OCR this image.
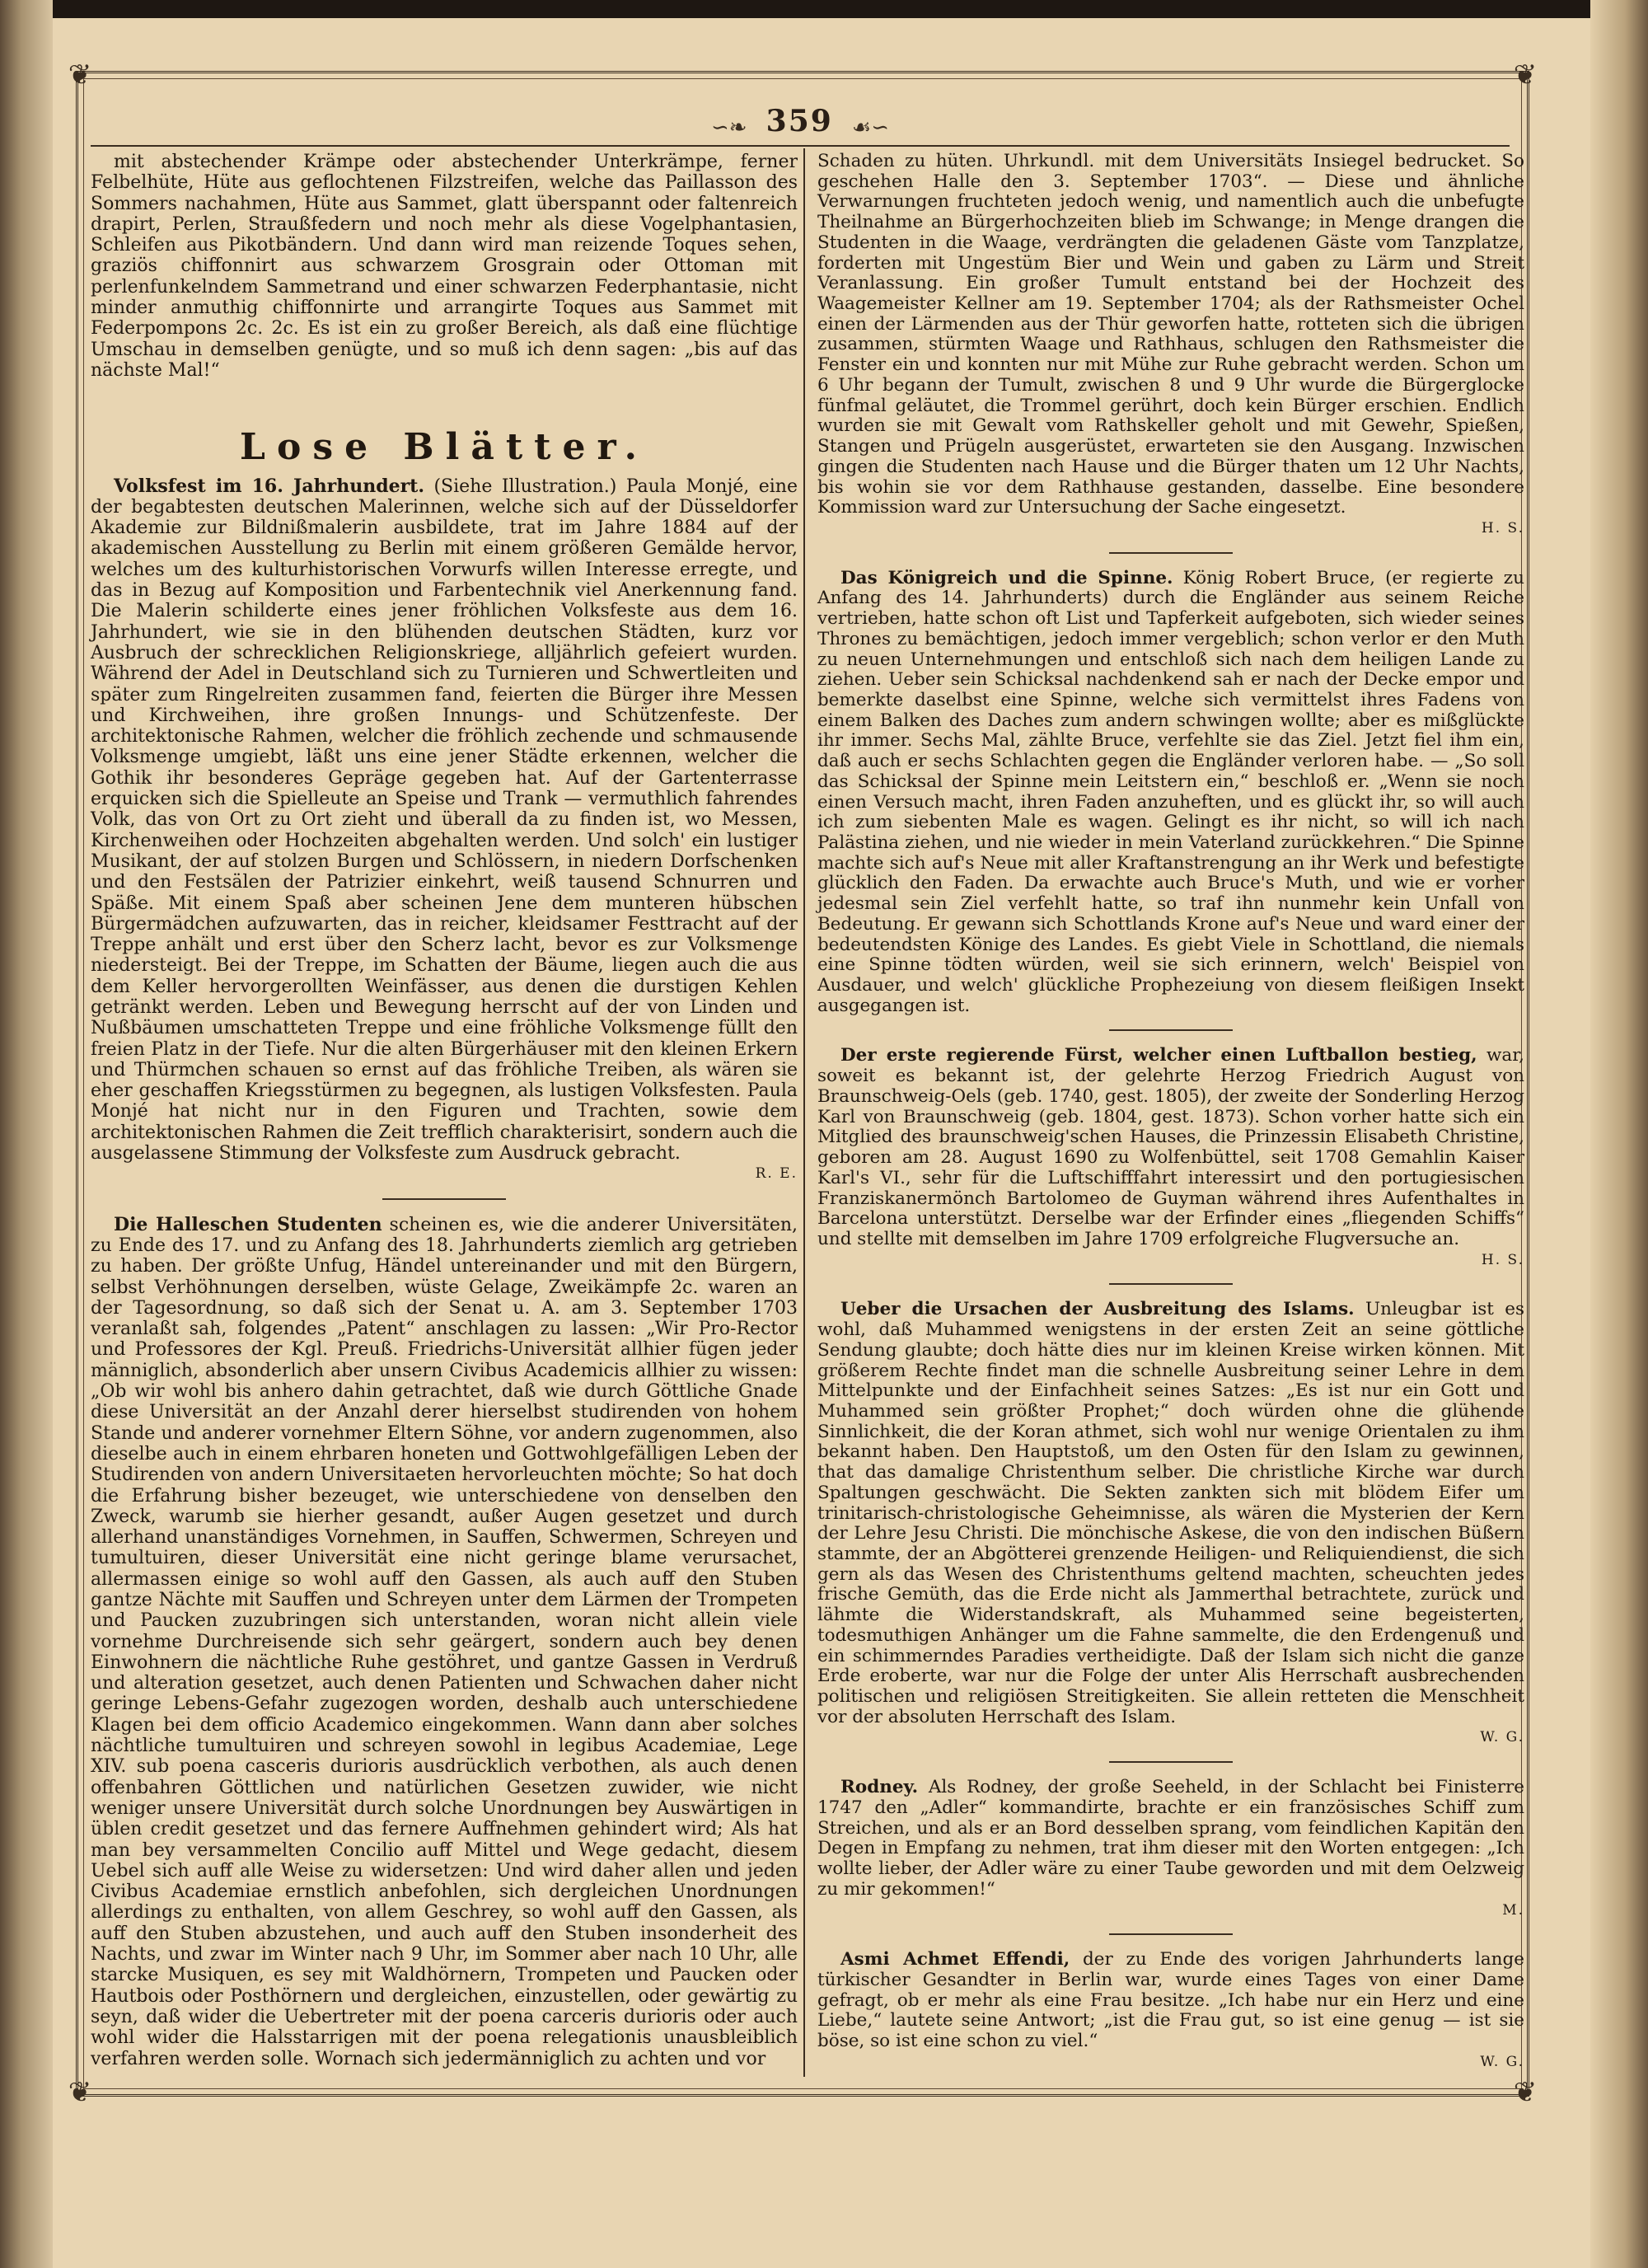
❦	❦
❦	❦
∽❧ 359 ☙∽

mit abstechender Krämpe oder abstechender Unterkrämpe, ferner Felbelhüte, Hüte aus geflochtenen Filzstreifen, welche das Paillasson des Sommers nachahmen, Hüte aus Sammet, glatt überspannt oder faltenreich drapirt, Perlen, Straußfedern und noch mehr als diese Vogelphantasien, Schleifen aus Pikotbändern. Und dann wird man reizende Toques sehen, graziös chiffonnirt aus schwarzem Grosgrain oder Ottoman mit perlenfunkelndem Sammetrand und einer schwarzen Federphantasie, nicht minder anmuthig chiffonnirte und arrangirte Toques aus Sammet mit Federpompons 2c. 2c. Es ist ein zu großer Bereich, als daß eine flüchtige Umschau in demselben genügte, und so muß ich denn sagen: „bis auf das nächste Mal!“

Lose Blätter.

Volksfest im 16. Jahrhundert. (Siehe Illustration.) Paula Monjé, eine der begabtesten deutschen Malerinnen, welche sich auf der Düsseldorfer Akademie zur Bildnißmalerin ausbildete, trat im Jahre 1884 auf der akademischen Ausstellung zu Berlin mit einem größeren Gemälde hervor, welches um des kulturhistorischen Vorwurfs willen Interesse erregte, und das in Bezug auf Komposition und Farbentechnik viel Anerkennung fand. Die Malerin schilderte eines jener fröhlichen Volksfeste aus dem 16. Jahrhundert, wie sie in den blühenden deutschen Städten, kurz vor Ausbruch der schrecklichen Religionskriege, alljährlich gefeiert wurden. Während der Adel in Deutschland sich zu Turnieren und Schwertleiten und später zum Ringelreiten zusammen fand, feierten die Bürger ihre Messen und Kirchweihen, ihre großen Innungs- und Schützenfeste. Der architektonische Rahmen, welcher die fröhlich zechende und schmausende Volksmenge umgiebt, läßt uns eine jener Städte erkennen, welcher die Gothik ihr besonderes Gepräge gegeben hat. Auf der Gartenterrasse erquicken sich die Spielleute an Speise und Trank — vermuthlich fahrendes Volk, das von Ort zu Ort zieht und überall da zu finden ist, wo Messen, Kirchenweihen oder Hochzeiten abgehalten werden. Und solch' ein lustiger Musikant, der auf stolzen Burgen und Schlössern, in niedern Dorfschenken und den Festsälen der Patrizier einkehrt, weiß tausend Schnurren und Späße. Mit einem Spaß aber scheinen Jene dem munteren hübschen Bürgermädchen aufzuwarten, das in reicher, kleidsamer Festtracht auf der Treppe anhält und erst über den Scherz lacht, bevor es zur Volksmenge niedersteigt. Bei der Treppe, im Schatten der Bäume, liegen auch die aus dem Keller hervorgerollten Weinfässer, aus denen die durstigen Kehlen getränkt werden. Leben und Bewegung herrscht auf der von Linden und Nußbäumen umschatteten Treppe und eine fröhliche Volksmenge füllt den freien Platz in der Tiefe. Nur die alten Bürgerhäuser mit den kleinen Erkern und Thürmchen schauen so ernst auf das fröhliche Treiben, als wären sie eher geschaffen Kriegsstürmen zu begegnen, als lustigen Volksfesten. Paula Monjé hat nicht nur in den Figuren und Trachten, sowie dem architektonischen Rahmen die Zeit trefflich charakterisirt, sondern auch die ausgelassene Stimmung der Volksfeste zum Ausdruck gebracht.

R. E.

Die Halleschen Studenten scheinen es, wie die anderer Universitäten, zu Ende des 17. und zu Anfang des 18. Jahrhunderts ziemlich arg getrieben zu haben. Der größte Unfug, Händel untereinander und mit den Bürgern, selbst Verhöhnungen derselben, wüste Gelage, Zweikämpfe 2c. waren an der Tagesordnung, so daß sich der Senat u. A. am 3. September 1703 veranlaßt sah, folgendes „Patent“ anschlagen zu lassen: „Wir Pro-Rector und Professores der Kgl. Preuß. Friedrichs-Universität allhier fügen jeder männiglich, absonderlich aber unsern Civibus Academicis allhier zu wissen: „Ob wir wohl bis anhero dahin getrachtet, daß wie durch Göttliche Gnade diese Universität an der Anzahl derer hierselbst studirenden von hohem Stande und anderer vornehmer Eltern Söhne, vor andern zugenommen, also dieselbe auch in einem ehrbaren honeten und Gottwohlgefälligen Leben der Studirenden von andern Universitaeten hervorleuchten möchte; So hat doch die Erfahrung bisher bezeuget, wie unterschiedene von denselben den Zweck, warumb sie hierher gesandt, außer Augen gesetzet und durch allerhand unanständiges Vornehmen, in Sauffen, Schwermen, Schreyen und tumultuiren, dieser Universität eine nicht geringe blame verursachet, allermassen einige so wohl auff den Gassen, als auch auff den Stuben gantze Nächte mit Sauffen und Schreyen unter dem Lärmen der Trompeten und Paucken zuzubringen sich unterstanden, woran nicht allein viele vornehme Durchreisende sich sehr geärgert, sondern auch bey denen Einwohnern die nächtliche Ruhe gestöhret, und gantze Gassen in Verdruß und alteration gesetzet, auch denen Patienten und Schwachen daher nicht geringe Lebens-Gefahr zugezogen worden, deshalb auch unterschiedene Klagen bei dem officio Academico eingekommen. Wann dann aber solches nächtliche tumultuiren und schreyen sowohl in legibus Academiae, Lege XIV. sub poena casceris durioris ausdrücklich verbothen, als auch denen offenbahren Göttlichen und natürlichen Gesetzen zuwider, wie nicht weniger unsere Universität durch solche Unordnungen bey Auswärtigen in üblen credit gesetzet und das fernere Auffnehmen gehindert wird; Als hat man bey versammelten Concilio auff Mittel und Wege gedacht, diesem Uebel sich auff alle Weise zu widersetzen: Und wird daher allen und jeden Civibus Academiae ernstlich anbefohlen, sich dergleichen Unordnungen allerdings zu enthalten, von allem Geschrey, so wohl auff den Gassen, als auff den Stuben abzustehen, und auch auff den Stuben insonderheit des Nachts, und zwar im Winter nach 9 Uhr, im Sommer aber nach 10 Uhr, alle starcke Musiquen, es sey mit Waldhörnern, Trompeten und Paucken oder Hautbois oder Posthörnern und dergleichen, einzustellen, oder gewärtig zu seyn, daß wider die Uebertreter mit der poena carceris durioris oder auch wohl wider die Halsstarrigen mit der poena relegationis unausbleiblich verfahren werden solle. Wornach sich jedermänniglich zu achten und vor

Schaden zu hüten. Uhrkundl. mit dem Universitäts Insiegel bedrucket. So geschehen Halle den 3. September 1703“. — Diese und ähnliche Verwarnungen fruchteten jedoch wenig, und namentlich auch die unbefugte Theilnahme an Bürgerhochzeiten blieb im Schwange; in Menge drangen die Studenten in die Waage, verdrängten die geladenen Gäste vom Tanzplatze, forderten mit Ungestüm Bier und Wein und gaben zu Lärm und Streit Veranlassung. Ein großer Tumult entstand bei der Hochzeit des Waagemeister Kellner am 19. September 1704; als der Rathsmeister Ochel einen der Lärmenden aus der Thür geworfen hatte, rotteten sich die übrigen zusammen, stürmten Waage und Rathhaus, schlugen den Rathsmeister die Fenster ein und konnten nur mit Mühe zur Ruhe gebracht werden. Schon um 6 Uhr begann der Tumult, zwischen 8 und 9 Uhr wurde die Bürgerglocke fünfmal geläutet, die Trommel gerührt, doch kein Bürger erschien. Endlich wurden sie mit Gewalt vom Rathskeller geholt und mit Gewehr, Spießen, Stangen und Prügeln ausgerüstet, erwarteten sie den Ausgang. Inzwischen gingen die Studenten nach Hause und die Bürger thaten um 12 Uhr Nachts, bis wohin sie vor dem Rathhause gestanden, dasselbe. Eine besondere Kommission ward zur Untersuchung der Sache eingesetzt.

H. S.

Das Königreich und die Spinne. König Robert Bruce, (er regierte zu Anfang des 14. Jahrhunderts) durch die Engländer aus seinem Reiche vertrieben, hatte schon oft List und Tapferkeit aufgeboten, sich wieder seines Thrones zu bemächtigen, jedoch immer vergeblich; schon verlor er den Muth zu neuen Unternehmungen und entschloß sich nach dem heiligen Lande zu ziehen. Ueber sein Schicksal nachdenkend sah er nach der Decke empor und bemerkte daselbst eine Spinne, welche sich vermittelst ihres Fadens von einem Balken des Daches zum andern schwingen wollte; aber es mißglückte ihr immer. Sechs Mal, zählte Bruce, verfehlte sie das Ziel. Jetzt fiel ihm ein, daß auch er sechs Schlachten gegen die Engländer verloren habe. — „So soll das Schicksal der Spinne mein Leitstern ein,“ beschloß er. „Wenn sie noch einen Versuch macht, ihren Faden anzuheften, und es glückt ihr, so will auch ich zum siebenten Male es wagen. Gelingt es ihr nicht, so will ich nach Palästina ziehen, und nie wieder in mein Vaterland zurückkehren.“ Die Spinne machte sich auf's Neue mit aller Kraftanstrengung an ihr Werk und befestigte glücklich den Faden. Da erwachte auch Bruce's Muth, und wie er vorher jedesmal sein Ziel verfehlt hatte, so traf ihn nunmehr kein Unfall von Bedeutung. Er gewann sich Schottlands Krone auf's Neue und ward einer der bedeutendsten Könige des Landes. Es giebt Viele in Schottland, die niemals eine Spinne tödten würden, weil sie sich erinnern, welch' Beispiel von Ausdauer, und welch' glückliche Prophezeiung von diesem fleißigen Insekt ausgegangen ist.

Der erste regierende Fürst, welcher einen Luftballon bestieg, war, soweit es bekannt ist, der gelehrte Herzog Friedrich August von Braunschweig-Oels (geb. 1740, gest. 1805), der zweite der Sonderling Herzog Karl von Braunschweig (geb. 1804, gest. 1873). Schon vorher hatte sich ein Mitglied des braunschweig'schen Hauses, die Prinzessin Elisabeth Christine, geboren am 28. August 1690 zu Wolfenbüttel, seit 1708 Gemahlin Kaiser Karl's VI., sehr für die Luftschifffahrt interessirt und den portugiesischen Franziskanermönch Bartolomeo de Guyman während ihres Aufenthaltes in Barcelona unterstützt. Derselbe war der Erfinder eines „fliegenden Schiffs“ und stellte mit demselben im Jahre 1709 erfolgreiche Flugversuche an.

H. S.

Ueber die Ursachen der Ausbreitung des Islams. Unleugbar ist es wohl, daß Muhammed wenigstens in der ersten Zeit an seine göttliche Sendung glaubte; doch hätte dies nur im kleinen Kreise wirken können. Mit größerem Rechte findet man die schnelle Ausbreitung seiner Lehre in dem Mittelpunkte und der Einfachheit seines Satzes: „Es ist nur ein Gott und Muhammed sein größter Prophet;“ doch würden ohne die glühende Sinnlichkeit, die der Koran athmet, sich wohl nur wenige Orientalen zu ihm bekannt haben. Den Hauptstoß, um den Osten für den Islam zu gewinnen, that das damalige Christenthum selber. Die christliche Kirche war durch Spaltungen geschwächt. Die Sekten zankten sich mit blödem Eifer um trinitarisch-christologische Geheimnisse, als wären die Mysterien der Kern der Lehre Jesu Christi. Die mönchische Askese, die von den indischen Büßern stammte, der an Abgötterei grenzende Heiligen- und Reliquiendienst, die sich gern als das Wesen des Christenthums geltend machten, scheuchten jedes frische Gemüth, das die Erde nicht als Jammerthal betrachtete, zurück und lähmte die Widerstandskraft, als Muhammed seine begeisterten, todesmuthigen Anhänger um die Fahne sammelte, die den Erdengenuß und ein schimmerndes Paradies vertheidigte. Daß der Islam sich nicht die ganze Erde eroberte, war nur die Folge der unter Alis Herrschaft ausbrechenden politischen und religiösen Streitigkeiten. Sie allein retteten die Menschheit vor der absoluten Herrschaft des Islam.

W. G.

Rodney. Als Rodney, der große Seeheld, in der Schlacht bei Finisterre 1747 den „Adler“ kommandirte, brachte er ein französisches Schiff zum Streichen, und als er an Bord desselben sprang, vom feindlichen Kapitän den Degen in Empfang zu nehmen, trat ihm dieser mit den Worten entgegen: „Ich wollte lieber, der Adler wäre zu einer Taube geworden und mit dem Oelzweig zu mir gekommen!“

M.

Asmi Achmet Effendi, der zu Ende des vorigen Jahrhunderts lange türkischer Gesandter in Berlin war, wurde eines Tages von einer Dame gefragt, ob er mehr als eine Frau besitze. „Ich habe nur ein Herz und eine Liebe,“ lautete seine Antwort; „ist die Frau gut, so ist eine genug — ist sie böse, so ist eine schon zu viel.“

W. G.
